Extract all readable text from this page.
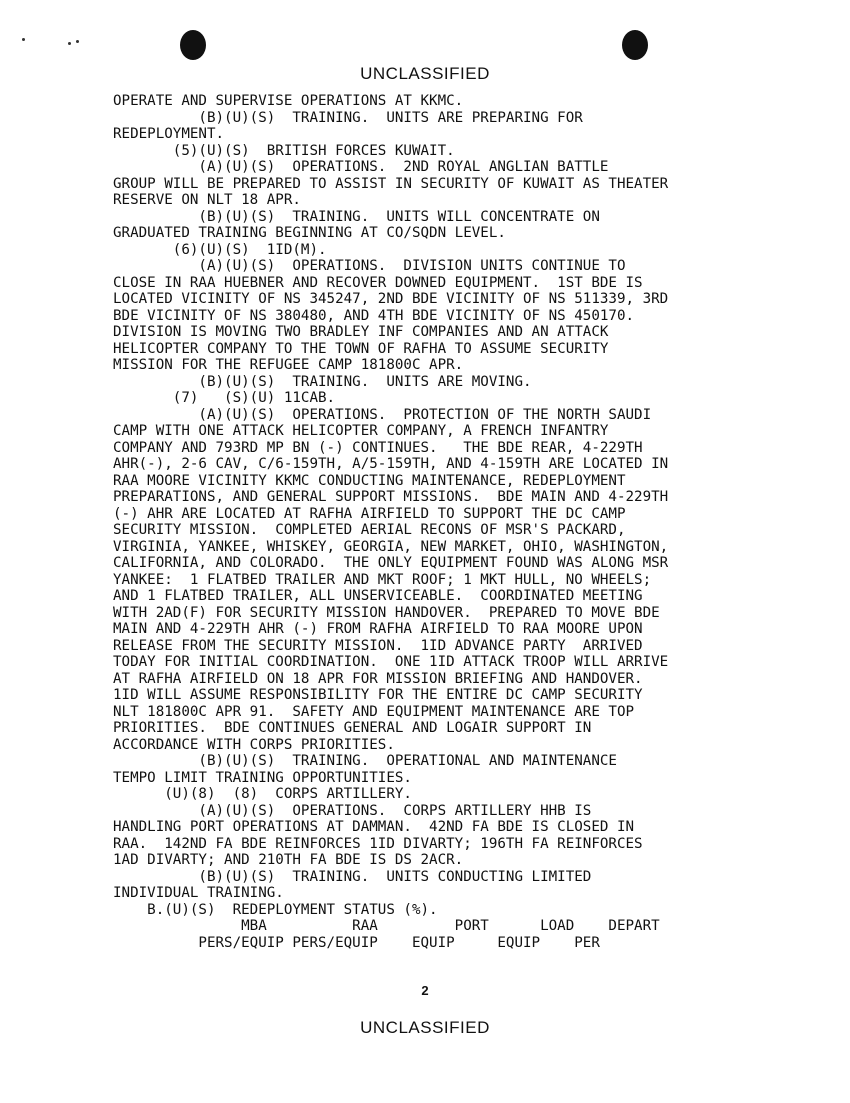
UNCLASSIFIED
OPERATE AND SUPERVISE OPERATIONS AT KKMC.
(B)(U)(S)  TRAINING.  UNITS ARE PREPARING FOR
REDEPLOYMENT.
(5)(U)(S)  BRITISH FORCES KUWAIT.
(A)(U)(S)  OPERATIONS.  2ND ROYAL ANGLIAN BATTLE
GROUP WILL BE PREPARED TO ASSIST IN SECURITY OF KUWAIT AS THEATER
RESERVE ON NLT 18 APR.
(B)(U)(S)  TRAINING.  UNITS WILL CONCENTRATE ON
GRADUATED TRAINING BEGINNING AT CO/SQDN LEVEL.
(6)(U)(S)  1ID(M).
(A)(U)(S)  OPERATIONS.  DIVISION UNITS CONTINUE TO
CLOSE IN RAA HUEBNER AND RECOVER DOWNED EQUIPMENT.  1ST BDE IS
LOCATED VICINITY OF NS 345247, 2ND BDE VICINITY OF NS 511339, 3RD
BDE VICINITY OF NS 380480, AND 4TH BDE VICINITY OF NS 450170.
DIVISION IS MOVING TWO BRADLEY INF COMPANIES AND AN ATTACK
HELICOPTER COMPANY TO THE TOWN OF RAFHA TO ASSUME SECURITY
MISSION FOR THE REFUGEE CAMP 181800C APR.
(B)(U)(S)  TRAINING.  UNITS ARE MOVING.
(7)   (S)(U) 11CAB.
(A)(U)(S)  OPERATIONS.  PROTECTION OF THE NORTH SAUDI
CAMP WITH ONE ATTACK HELICOPTER COMPANY, A FRENCH INFANTRY
COMPANY AND 793RD MP BN (-) CONTINUES.   THE BDE REAR, 4-229TH
AHR(-), 2-6 CAV, C/6-159TH, A/5-159TH, AND 4-159TH ARE LOCATED IN
RAA MOORE VICINITY KKMC CONDUCTING MAINTENANCE, REDEPLOYMENT
PREPARATIONS, AND GENERAL SUPPORT MISSIONS.  BDE MAIN AND 4-229TH
(-) AHR ARE LOCATED AT RAFHA AIRFIELD TO SUPPORT THE DC CAMP
SECURITY MISSION.  COMPLETED AERIAL RECONS OF MSR'S PACKARD,
VIRGINIA, YANKEE, WHISKEY, GEORGIA, NEW MARKET, OHIO, WASHINGTON,
CALIFORNIA, AND COLORADO.  THE ONLY EQUIPMENT FOUND WAS ALONG MSR
YANKEE:  1 FLATBED TRAILER AND MKT ROOF; 1 MKT HULL, NO WHEELS;
AND 1 FLATBED TRAILER, ALL UNSERVICEABLE.  COORDINATED MEETING
WITH 2AD(F) FOR SECURITY MISSION HANDOVER.  PREPARED TO MOVE BDE
MAIN AND 4-229TH AHR (-) FROM RAFHA AIRFIELD TO RAA MOORE UPON
RELEASE FROM THE SECURITY MISSION.  1ID ADVANCE PARTY  ARRIVED
TODAY FOR INITIAL COORDINATION.  ONE 1ID ATTACK TROOP WILL ARRIVE
AT RAFHA AIRFIELD ON 18 APR FOR MISSION BRIEFING AND HANDOVER.
1ID WILL ASSUME RESPONSIBILITY FOR THE ENTIRE DC CAMP SECURITY
NLT 181800C APR 91.  SAFETY AND EQUIPMENT MAINTENANCE ARE TOP
PRIORITIES.  BDE CONTINUES GENERAL AND LOGAIR SUPPORT IN
ACCORDANCE WITH CORPS PRIORITIES.
(B)(U)(S)  TRAINING.  OPERATIONAL AND MAINTENANCE
TEMPO LIMIT TRAINING OPPORTUNITIES.
(U)(8)  (8)  CORPS ARTILLERY.
(A)(U)(S)  OPERATIONS.  CORPS ARTILLERY HHB IS
HANDLING PORT OPERATIONS AT DAMMAN.  42ND FA BDE IS CLOSED IN
RAA.  142ND FA BDE REINFORCES 1ID DIVARTY; 196TH FA REINFORCES
1AD DIVARTY; AND 210TH FA BDE IS DS 2ACR.
(B)(U)(S)  TRAINING.  UNITS CONDUCTING LIMITED
INDIVIDUAL TRAINING.
B.(U)(S)  REDEPLOYMENT STATUS (%).
MBA          RAA         PORT      LOAD    DEPART
PERS/EQUIP PERS/EQUIP    EQUIP     EQUIP    PER
2
UNCLASSIFIED
